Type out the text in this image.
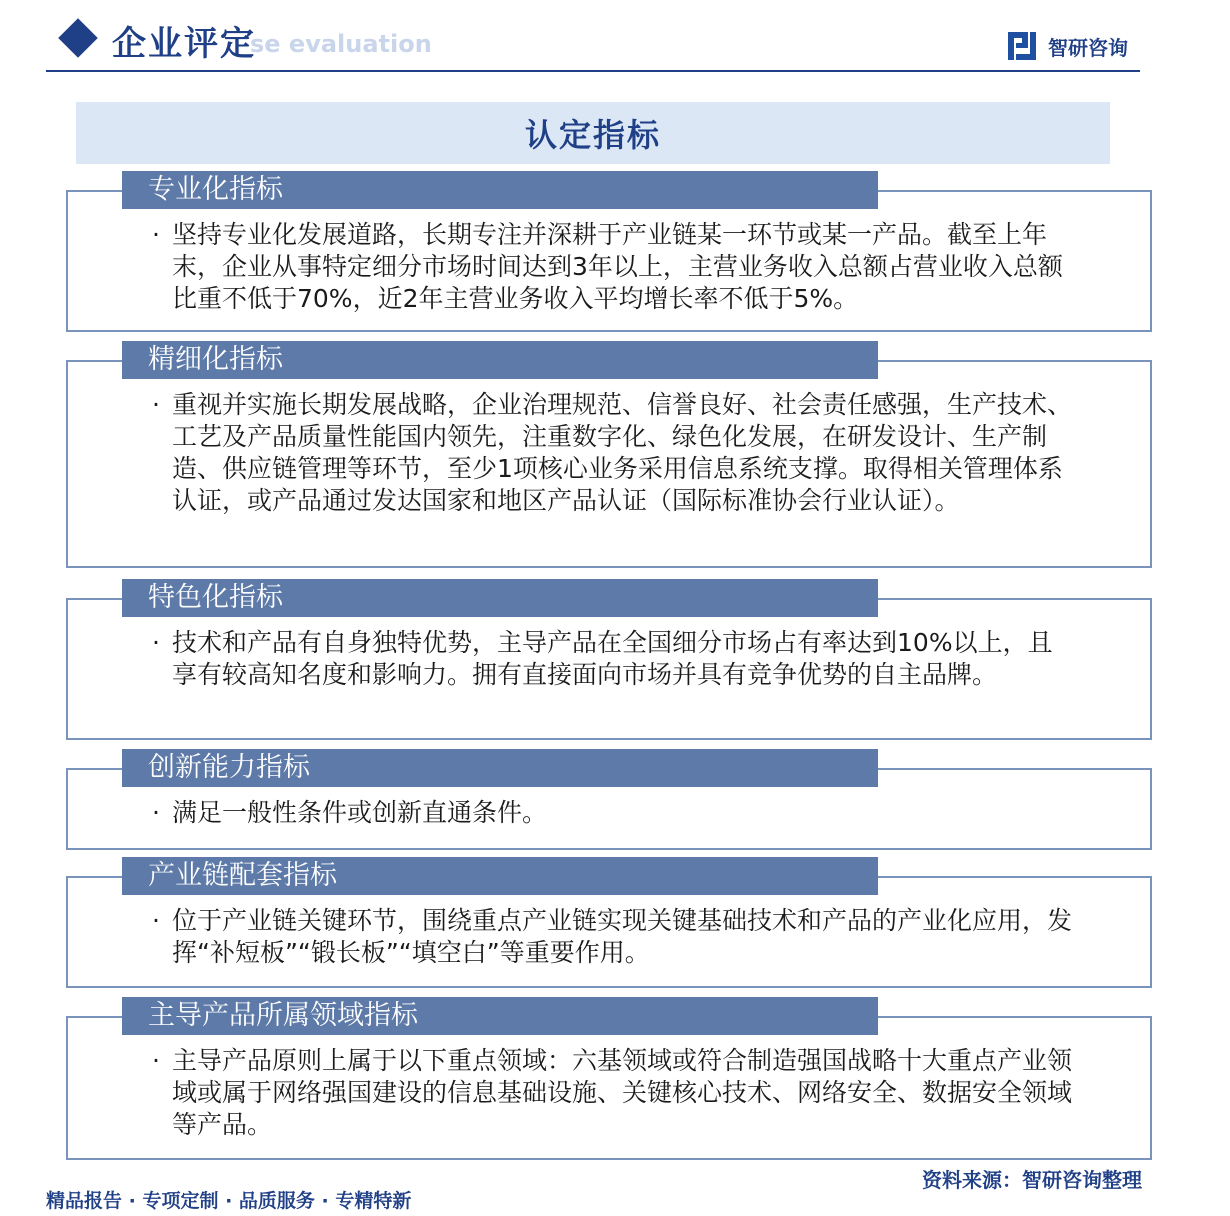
se evaluation
企业评定	智研咨询
认定指标
专业化指标
· 坚持专业化发展道路，长期专注并深耕于产业链某一环节或某一产品。截至上年末，企业从事特定细分市场时间达到3年以上，主营业务收入总额占营业收入总额比重不低于70%，近2年主营业务收入平均增长率不低于5%。
精细化指标
· 重视并实施长期发展战略，企业治理规范、信誉良好、社会责任感强，生产技术、工艺及产品质量性能国内领先，注重数字化、绿色化发展，在研发设计、生产制造、供应链管理等环节，至少1项核心业务采用信息系统支撑。取得相关管理体系认证，或产品通过发达国家和地区产品认证（国际标准协会行业认证）。
特色化指标
· 技术和产品有自身独特优势，主导产品在全国细分市场占有率达到10%以上，且享有较高知名度和影响力。拥有直接面向市场并具有竞争优势的自主品牌。
创新能力指标
· 满足一般性条件或创新直通条件。
产业链配套指标
· 位于产业链关键环节，围绕重点产业链实现关键基础技术和产品的产业化应用，发挥“补短板”“锻长板”“填空白”等重要作用。
主导产品所属领域指标
· 主导产品原则上属于以下重点领域：六基领域或符合制造强国战略十大重点产业领域或属于网络强国建设的信息基础设施、关键核心技术、网络安全、数据安全领域等产品。
资料来源：智研咨询整理
精品报告 · 专项定制 · 品质服务 · 专精特新
